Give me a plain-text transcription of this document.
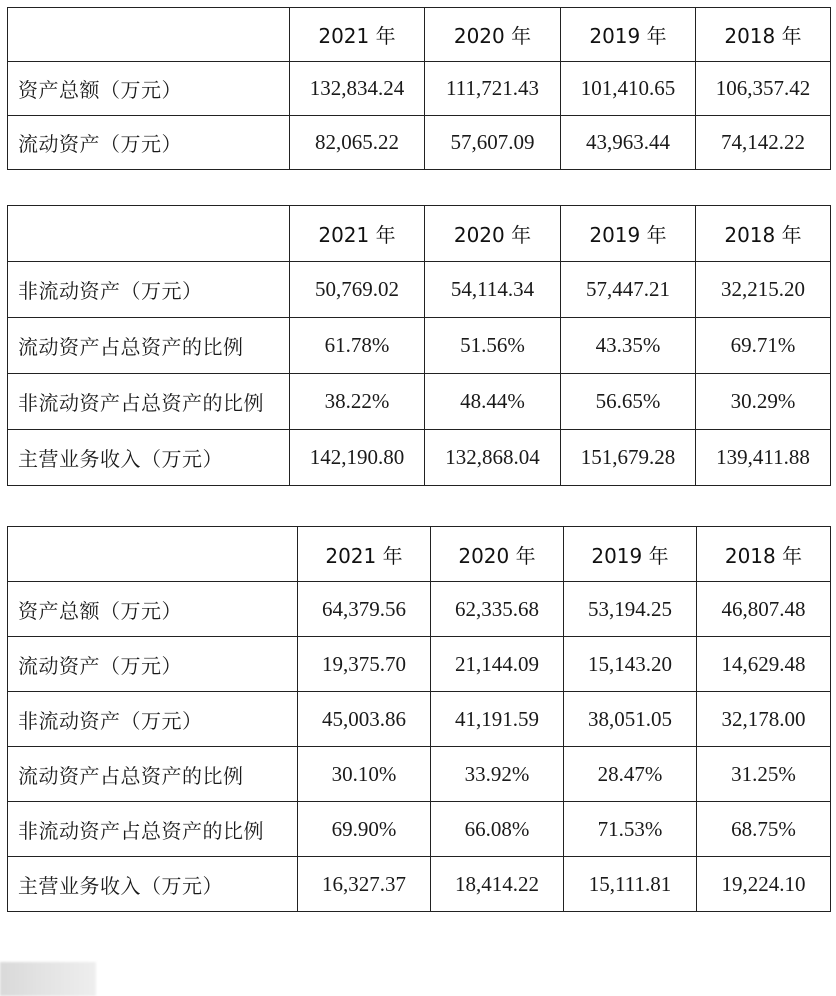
	2021 年	2020 年	2019 年	2018 年
资产总额（万元）	132,834.24	111,721.43	101,410.65	106,357.42
流动资产（万元）	82,065.22	57,607.09	43,963.44	74,142.22
	2021 年	2020 年	2019 年	2018 年
非流动资产（万元）	50,769.02	54,114.34	57,447.21	32,215.20
流动资产占总资产的比例	61.78%	51.56%	43.35%	69.71%
非流动资产占总资产的比例	38.22%	48.44%	56.65%	30.29%
主营业务收入（万元）	142,190.80	132,868.04	151,679.28	139,411.88
	2021 年	2020 年	2019 年	2018 年
资产总额（万元）	64,379.56	62,335.68	53,194.25	46,807.48
流动资产（万元）	19,375.70	21,144.09	15,143.20	14,629.48
非流动资产（万元）	45,003.86	41,191.59	38,051.05	32,178.00
流动资产占总资产的比例	30.10%	33.92%	28.47%	31.25%
非流动资产占总资产的比例	69.90%	66.08%	71.53%	68.75%
主营业务收入（万元）	16,327.37	18,414.22	15,111.81	19,224.10
